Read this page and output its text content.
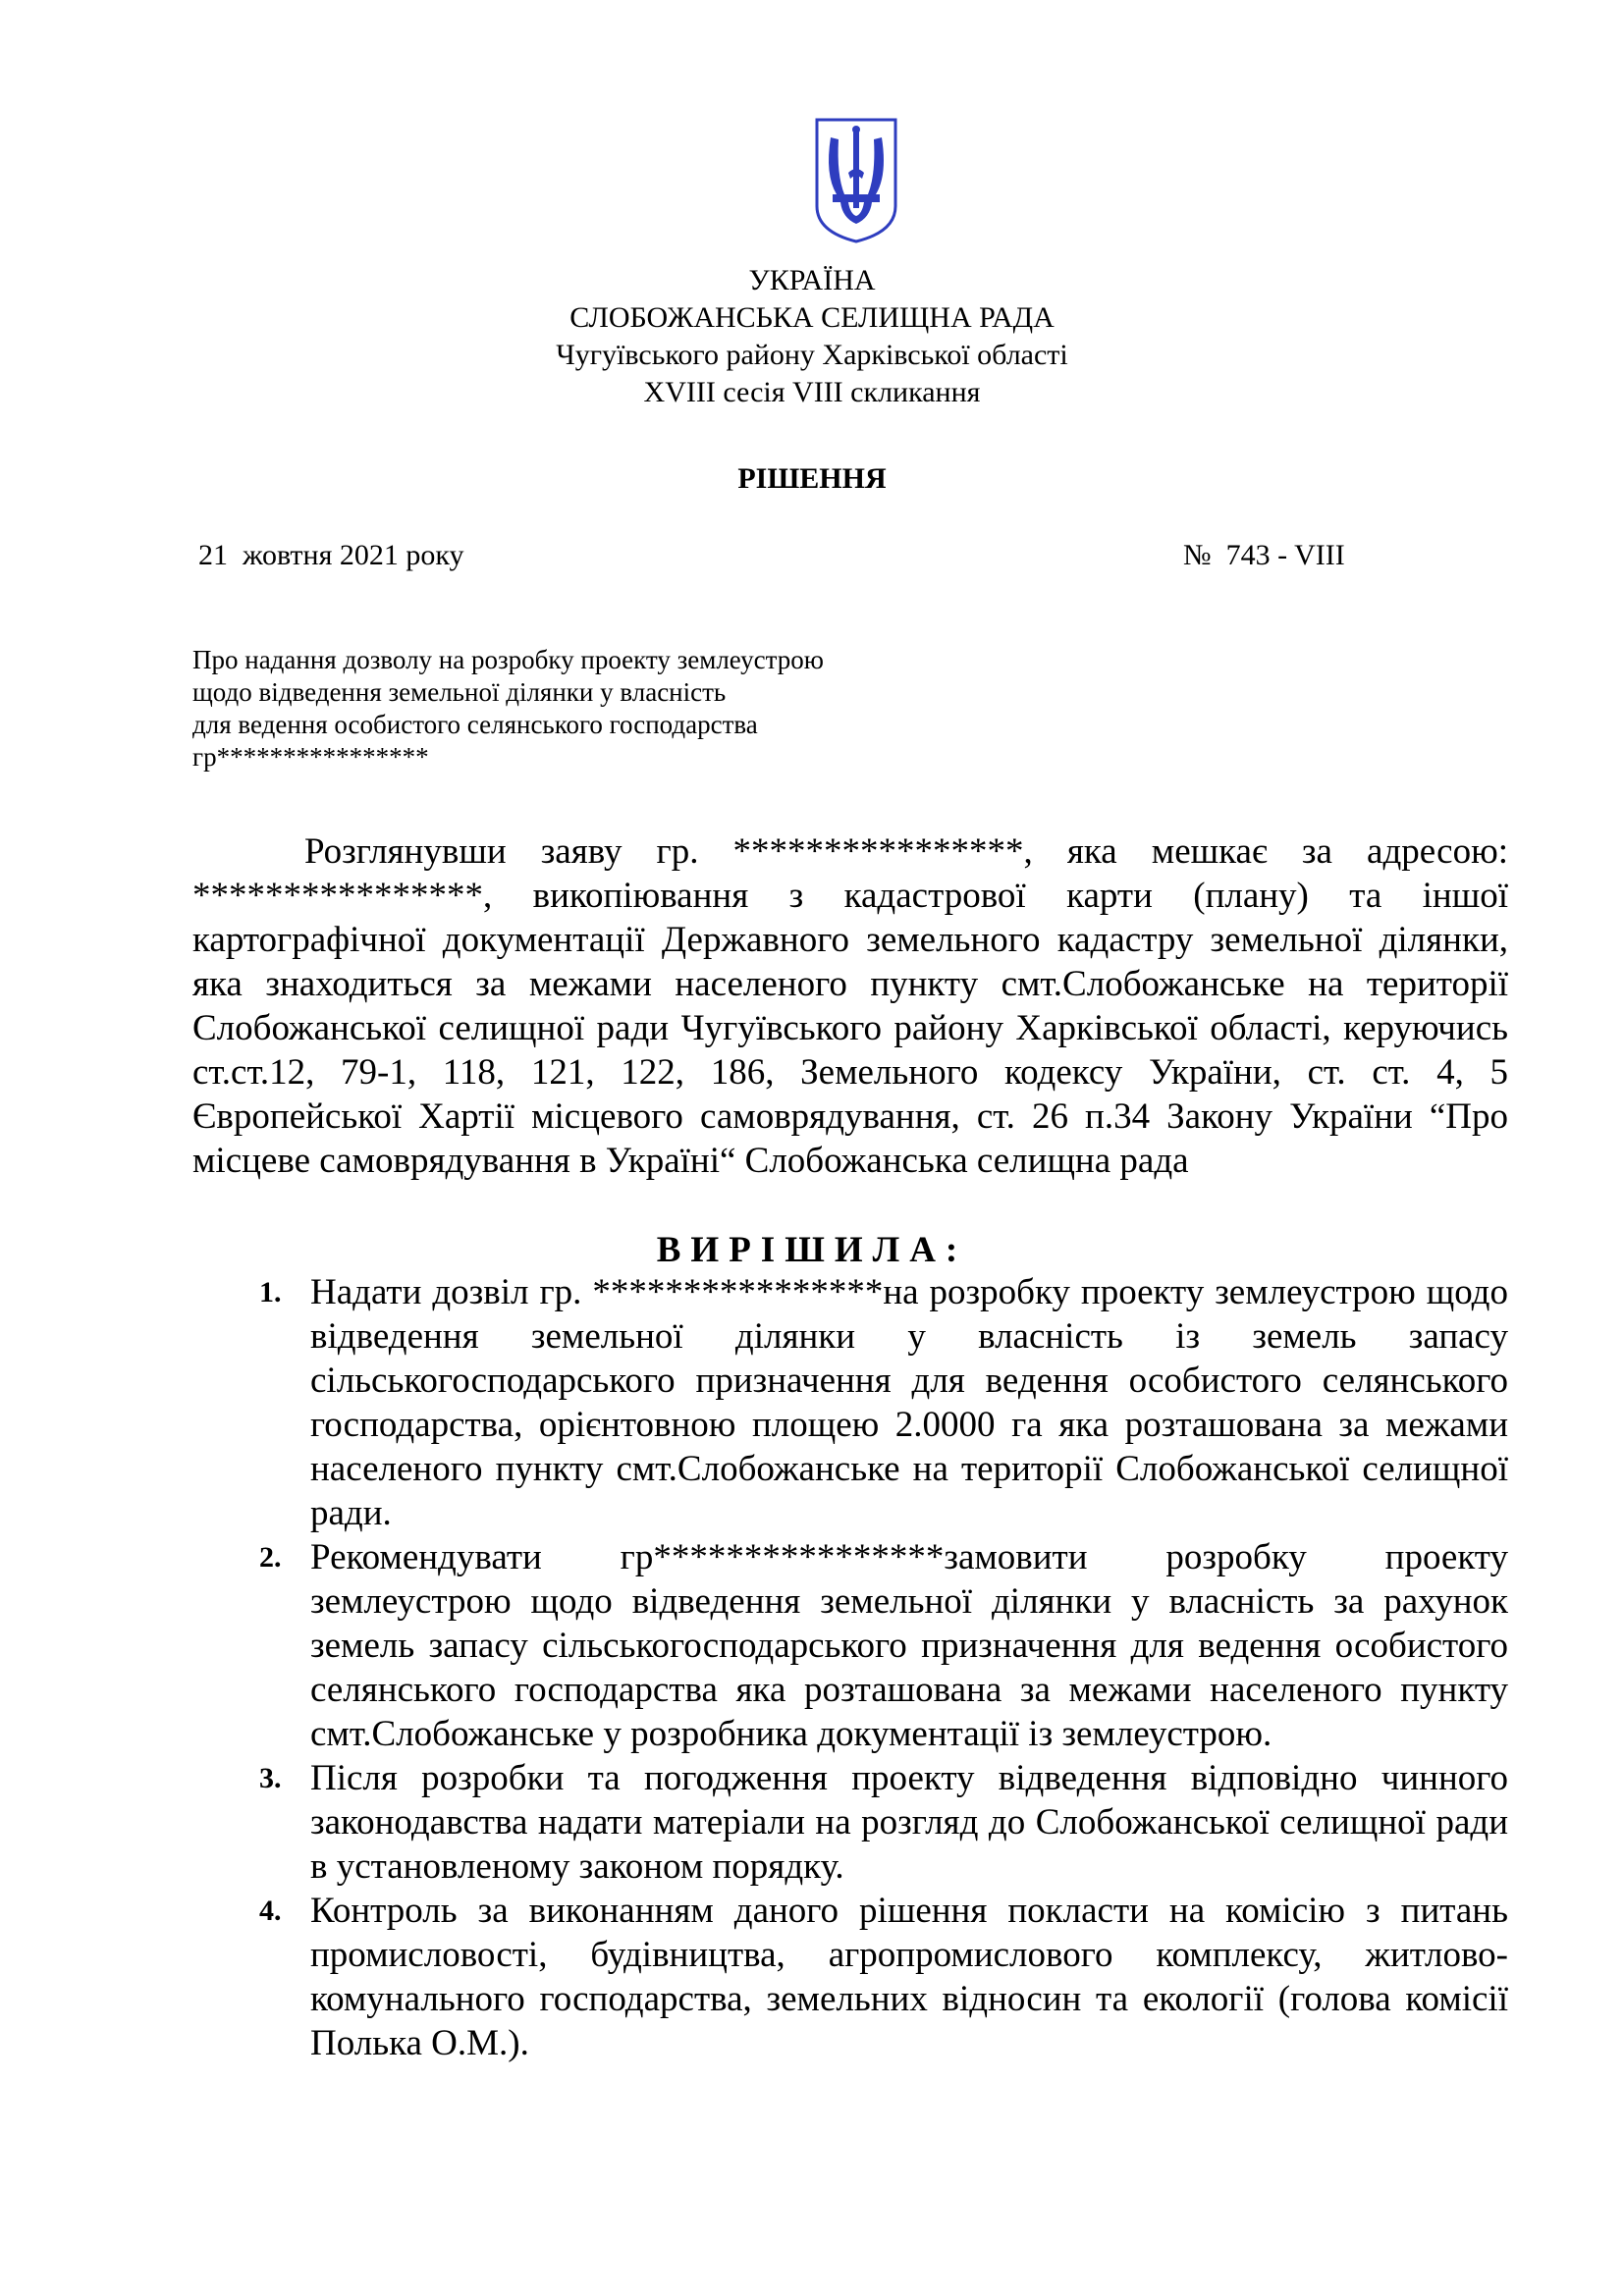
УКРАЇНА
СЛОБОЖАНСЬКА СЕЛИЩНА РАДА
Чугуївського району Харківської області
XVIII сесія VIII скликання
РІШЕННЯ
21  жовтня 2021 року	№  743 - VІІІ
Про надання дозволу на розробку проекту землеустрою
щодо відведення земельної ділянки у власність
для ведення особистого селянського господарства
гр****************
Розглянувши заяву гр. ****************, яка мешкає за адресою: ****************, викопіювання з кадастрової карти (плану) та іншої картографічної документації Державного земельного кадастру земельної ділянки, яка знаходиться за межами населеного пункту смт.Слобожанське на території Слобожанської селищної ради Чугуївського району Харківської області, керуючись ст.ст.12, 79-1, 118, 121, 122, 186, Земельного кодексу України, ст. ст. 4, 5 Європейської Хартії місцевого самоврядування, ст. 26 п.34 Закону України “Про місцеве самоврядування в Україні“ Слобожанська селищна рада
ВИРІШИЛА:
1. Надати дозвіл гр. ****************на розробку проекту землеустрою щодо відведення земельної ділянки у власність із земель запасу сільськогосподарського призначення для ведення особистого селянського господарства, орієнтовною площею 2.0000 га яка розташована за межами населеного пункту смт.Слобожанське на території Слобожанської селищної ради.
2. Рекомендувати гр****************замовити розробку проекту землеустрою щодо відведення земельної ділянки у власність за рахунок земель запасу сільськогосподарського призначення для ведення особистого селянського господарства яка розташована за межами населеного пункту смт.Слобожанське у розробника документації із землеустрою.
3. Після розробки та погодження проекту відведення відповідно чинного законодавства надати матеріали на розгляд до Слобожанської селищної ради в установленому законом порядку.
4. Контроль за виконанням даного рішення покласти на комісію з питань промисловості, будівництва, агропромислового комплексу, житлово-комунального господарства, земельних відносин та екології (голова комісії Полька О.М.).
